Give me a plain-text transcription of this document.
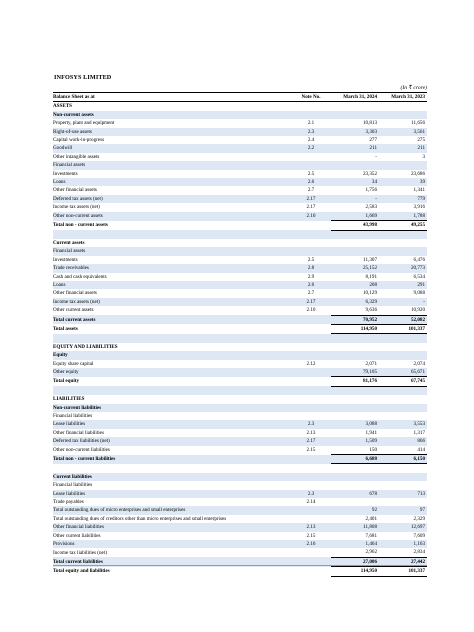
INFOSYS LIMITED
(In ₹ crore)
Balance Sheet as at	Note No.	March 31, 2024	March 31, 2023
ASSETS			
Non-current assets			
Property, plant and equipment	2.1	10,813	11,656
Right-of-use assets	2.3	3,303	3,561
Capital work-in-progress	2.4	277	275
Goodwill	2.2	211	211
Other intangible assets		-	3
Financial assets			
Investments	2.5	23,352	23,686
Loans	2.6	34	39
Other financial assets	2.7	1,756	1,341
Deferred tax assets (net)	2.17	-	779
Income tax assets (net)	2.17	2,583	3,916
Other non-current assets	2.10	1,669	1,788
Total non - current assets		43,998	49,255

Current assets			
Financial assets			
Investments	2.5	11,307	6,476
Trade receivables	2.8	25,152	20,773
Cash and cash equivalents	2.9	8,191	6,534
Loans	2.6	208	291
Other financial assets	2.7	10,129	9,088
Income tax assets (net)	2.17	6,329	-
Other current assets	2.10	9,636	10,920
Total current assets		70,952	52,082
Total assets		114,950	101,337

EQUITY AND LIABILITIES			
Equity			
Equity share capital	2.12	2,071	2,074
Other equity		79,105	65,671
Total equity		81,176	67,745

LIABILITIES			
Non-current liabilities			
Financial liabilities			
Lease liabilities	2.3	3,088	3,553
Other financial liabilities	2.13	1,941	1,317
Deferred tax liabilities (net)	2.17	1,509	866
Other non-current liabilities	2.15	150	414
Total non - current liabilities		6,688	6,150

Current liabilities			
Financial liabilities			
Lease liabilities	2.3	678	713
Trade payables	2.14		
Total outstanding dues of micro enterprises and small enterprises		92	97
Total outstanding dues of creditors other than micro enterprises and small enterprises		2,401	2,329
Other financial liabilities	2.13	11,808	12,697
Other current liabilities	2.15	7,681	7,609
Provisions	2.16	1,464	1,163
Income tax liabilities (net)		2,962	2,834
Total current liabilities		27,086	27,442
Total equity and liabilities		114,950	101,337
